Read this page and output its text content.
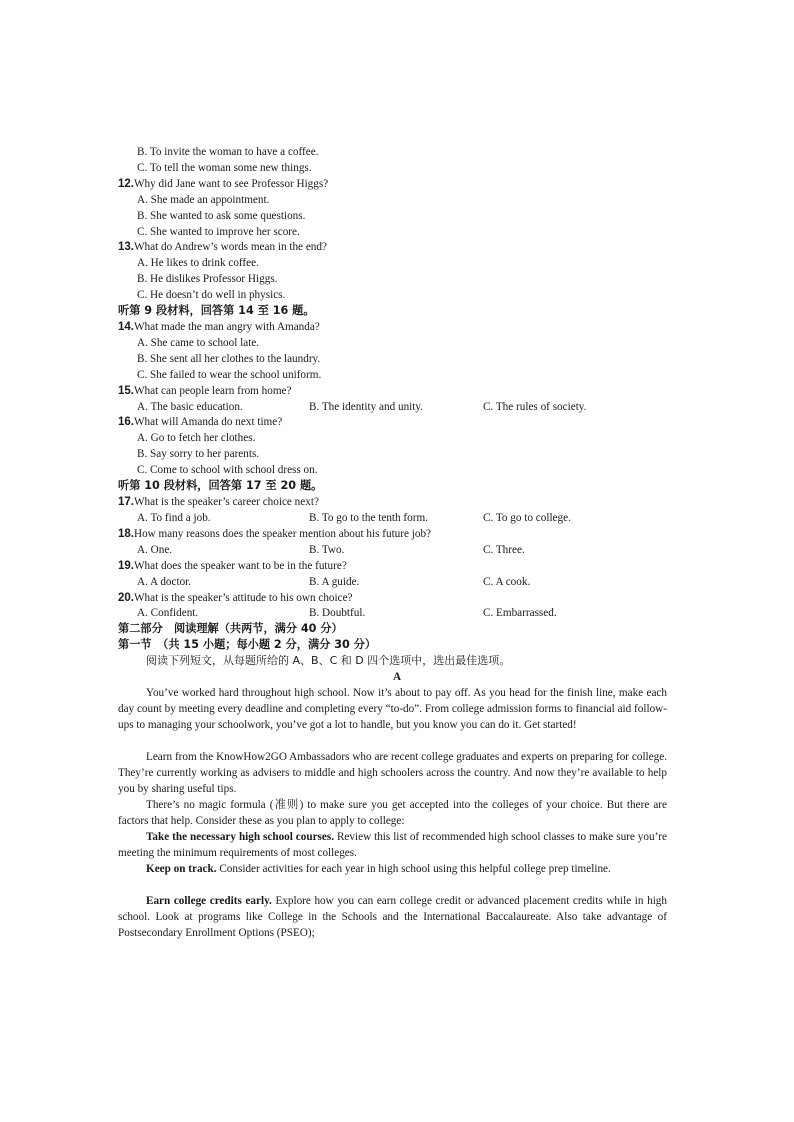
B. To invite the woman to have a coffee.
C. To tell the woman some new things.
12.Why did Jane want to see Professor Higgs?
A. She made an appointment.
B. She wanted to ask some questions.
C. She wanted to improve her score.
13.What do Andrew’s words mean in the end?
A. He likes to drink coffee.
B. He dislikes Professor Higgs.
C. He doesn’t do well in physics.
听第 9 段材料，回答第 14 至 16 题。
14.What made the man angry with Amanda?
A. She came to school late.
B. She sent all her clothes to the laundry.
C. She failed to wear the school uniform.
15.What can people learn from home?
A. The basic education.	B. The identity and unity.	C. The rules of society.
16.What will Amanda do next time?
A. Go to fetch her clothes.
B. Say sorry to her parents.
C. Come to school with school dress on.
听第 10 段材料，回答第 17 至 20 题。
17.What is the speaker’s career choice next?
A. To find a job.	B. To go to the tenth form.	C. To go to college.
18.How many reasons does the speaker mention about his future job?
A. One.	B. Two.	C. Three.
19.What does the speaker want to be in the future?
A. A doctor.	B. A guide.	C. A cook.
20.What is the speaker’s attitude to his own choice?
A. Confident.	B. Doubtful.	C. Embarrassed.
第二部分　阅读理解（共两节，满分 40 分）
第一节　（共 15 小题；每小题 2 分，满分 30 分）
阅读下列短文，从每题所给的 A、B、C 和 D 四个选项中，选出最佳选项。
A
You’ve worked hard throughout high school. Now it’s about to pay off. As you head for the finish line, make each day count by meeting every deadline and completing every “to-do”. From college admission forms to financial aid follow-ups to managing your schoolwork, you’ve got a lot to handle, but you know you can do it. Get started!
Learn from the KnowHow2GO Ambassadors who are recent college graduates and experts on preparing for college. They’re currently working as advisers to middle and high schoolers across the country. And now they’re available to help you by sharing useful tips.
There’s no magic formula (准则) to make sure you get accepted into the colleges of your choice. But there are factors that help. Consider these as you plan to apply to college:
Take the necessary high school courses. Review this list of recommended high school classes to make sure you’re meeting the minimum requirements of most colleges.
Keep on track. Consider activities for each year in high school using this helpful college prep timeline.
Earn college credits early. Explore how you can earn college credit or advanced placement credits while in high school. Look at programs like College in the Schools and the International Baccalaureate. Also take advantage of Postsecondary Enrollment Options (PSEO);
